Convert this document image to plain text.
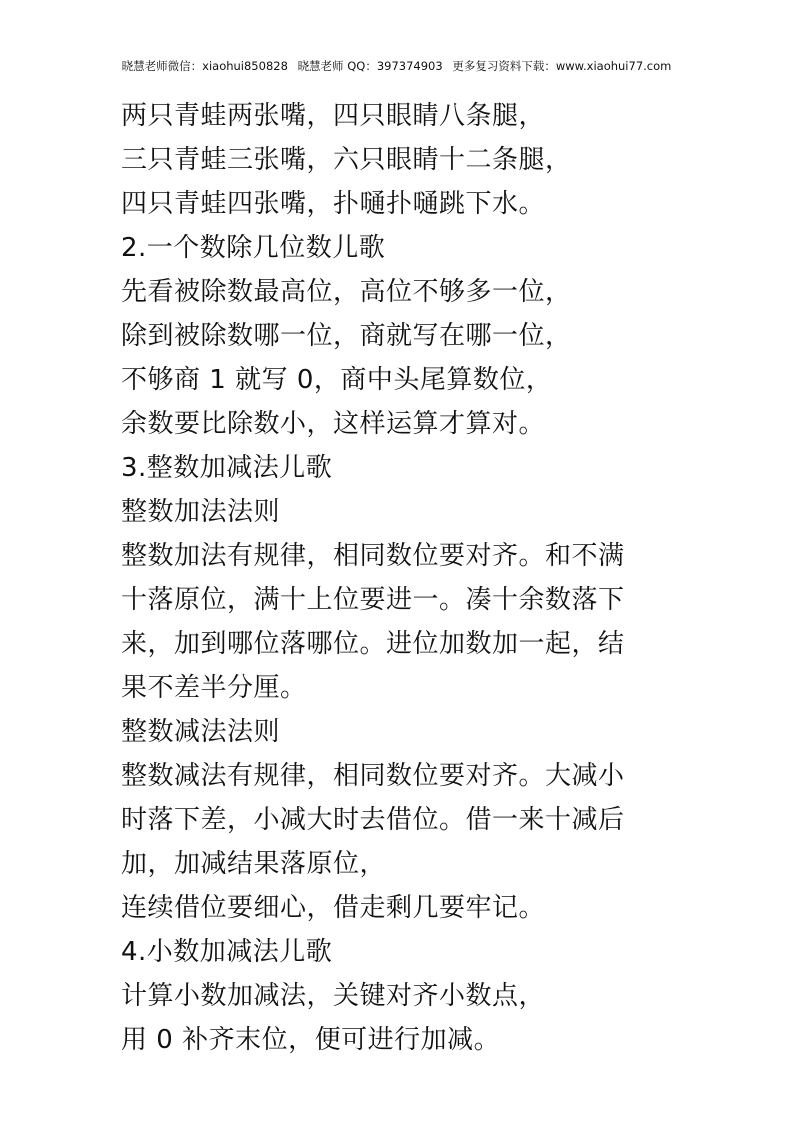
晓慧老师微信：xiaohui850828 晓慧老师 QQ：397374903 更多复习资料下载：www.xiaohui77.com
两只青蛙两张嘴，四只眼睛八条腿，
三只青蛙三张嘴，六只眼睛十二条腿，
四只青蛙四张嘴，扑嗵扑嗵跳下水。
2.一个数除几位数儿歌
先看被除数最高位，高位不够多一位，
除到被除数哪一位，商就写在哪一位，
不够商 1 就写 0，商中头尾算数位，
余数要比除数小，这样运算才算对。
3.整数加减法儿歌
整数加法法则
整数加法有规律，相同数位要对齐。和不满
十落原位，满十上位要进一。凑十余数落下
来，加到哪位落哪位。进位加数加一起，结
果不差半分厘。
整数减法法则
整数减法有规律，相同数位要对齐。大减小
时落下差，小减大时去借位。借一来十减后
加，加减结果落原位，
连续借位要细心，借走剩几要牢记。
4.小数加减法儿歌
计算小数加减法，关键对齐小数点，
用 0 补齐末位，便可进行加减。
